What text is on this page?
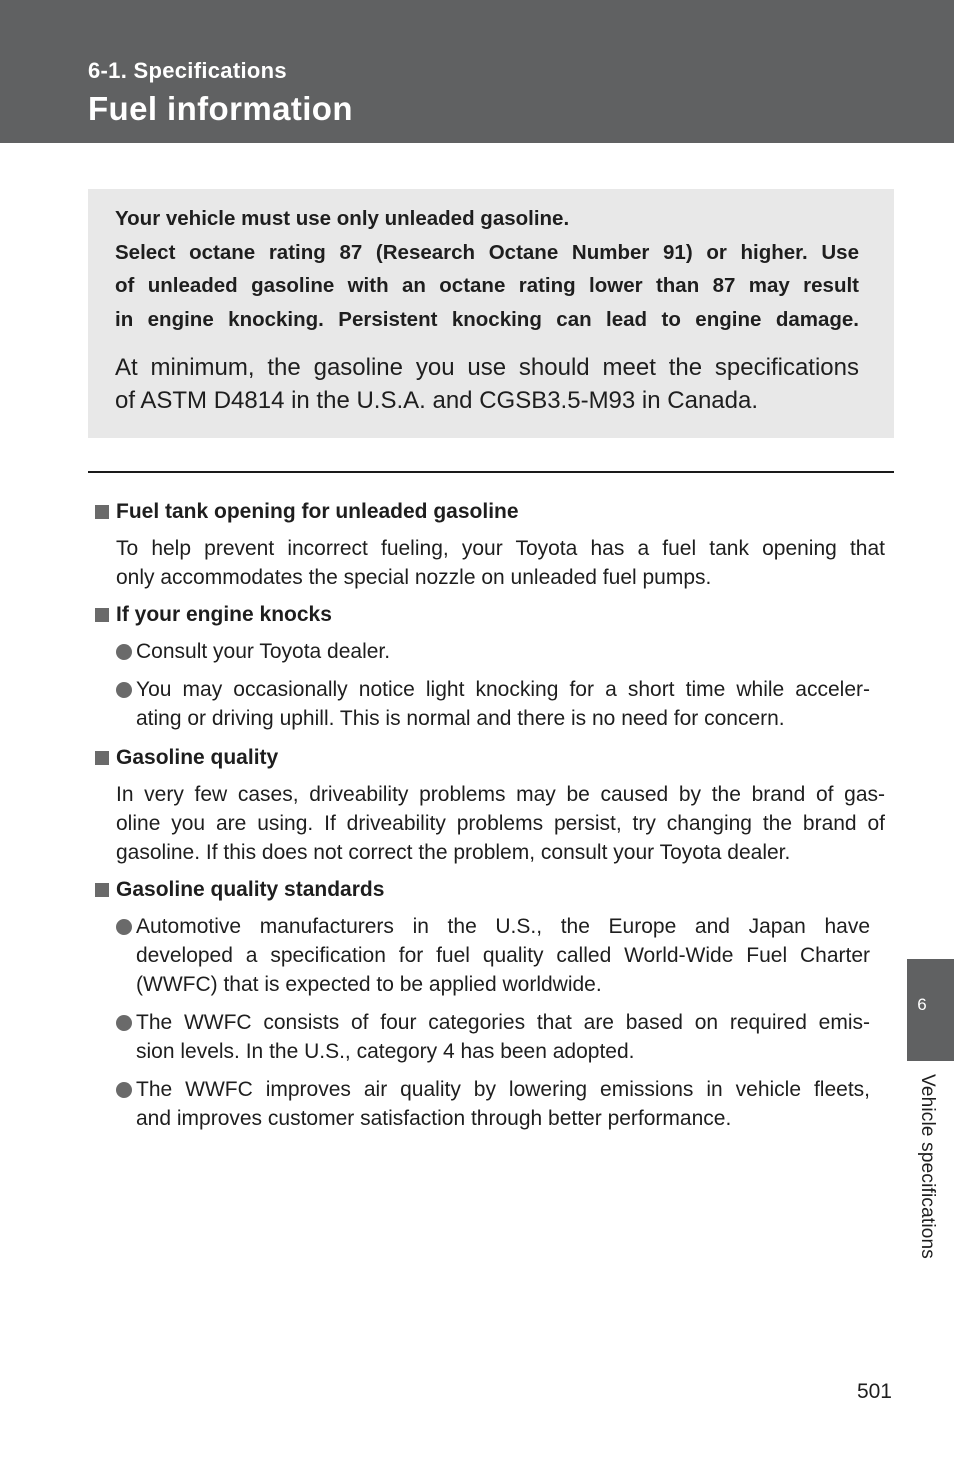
6-1. Specifications
Fuel information
Your vehicle must use only unleaded gasoline.
Select octane rating 87 (Research Octane Number 91) or higher. Use
of unleaded gasoline with an octane rating lower than 87 may result
in engine knocking. Persistent knocking can lead to engine damage.
At minimum, the gasoline you use should meet the specifications
of ASTM D4814 in the U.S.A. and CGSB3.5-M93 in Canada.
Fuel tank opening for unleaded gasoline
To help prevent incorrect fueling, your Toyota has a fuel tank opening that
only accommodates the special nozzle on unleaded fuel pumps.
If your engine knocks
Consult your Toyota dealer.
You may occasionally notice light knocking for a short time while acceler-
ating or driving uphill. This is normal and there is no need for concern.
Gasoline quality
In very few cases, driveability problems may be caused by the brand of gas-
oline you are using. If driveability problems persist, try changing the brand of
gasoline. If this does not correct the problem, consult your Toyota dealer.
Gasoline quality standards
Automotive manufacturers in the U.S., the Europe and Japan have
developed a specification for fuel quality called World-Wide Fuel Charter
(WWFC) that is expected to be applied worldwide.
The WWFC consists of four categories that are based on required emis-
sion levels. In the U.S., category 4 has been adopted.
The WWFC improves air quality by lowering emissions in vehicle fleets,
and improves customer satisfaction through better performance.
6
Vehicle specifications
501
